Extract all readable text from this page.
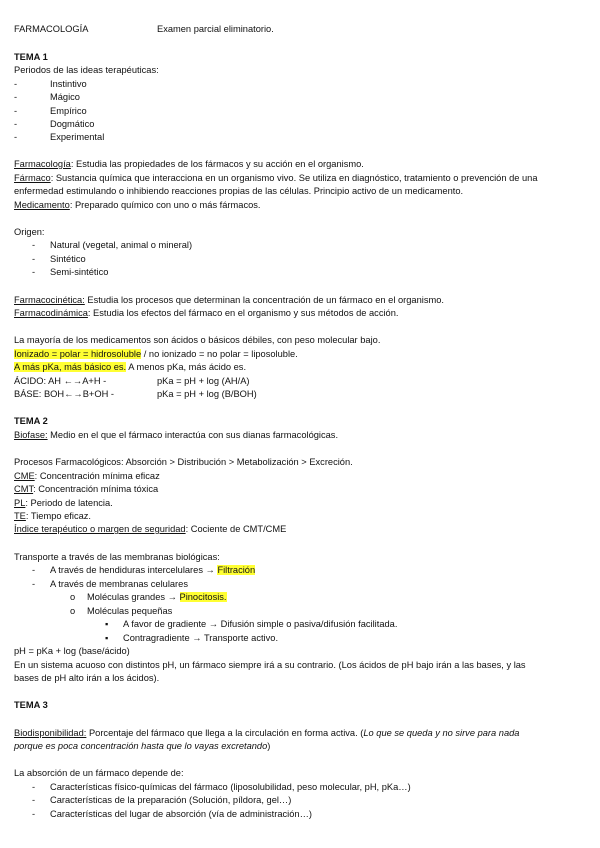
FARMACOLOGÍA	Examen parcial eliminatorio.
TEMA 1
Periodos de las ideas terapéuticas:
-	Instintivo
-	Mágico
-	Empírico
-	Dogmático
-	Experimental
Farmacología: Estudia las propiedades de los fármacos y su acción en el organismo.
Fármaco: Sustancia química que interacciona en un organismo vivo. Se utiliza en diagnóstico, tratamiento o prevención de una
enfermedad estimulando o inhibiendo reacciones propias de las células. Principio activo de un medicamento.
Medicamento: Preparado químico con uno o más fármacos.
Origen:
- Natural (vegetal, animal o mineral)
- Sintético
- Semi-sintético
Farmacocinética: Estudia los procesos que determinan la concentración de un fármaco en el organismo.
Farmacodinámica: Estudia los efectos del fármaco en el organismo y sus métodos de acción.
La mayoría de los medicamentos son ácidos o básicos débiles, con peso molecular bajo.
Ionizado = polar = hidrosoluble / no ionizado = no polar = liposoluble.
A más pKa, más básico es. A menos pKa, más ácido es.
ÁCIDO: AH ←→A+H -	pKa = pH + log (AH/A)
BÁSE: BOH←→B+OH -	pKa = pH + log (B/BOH)
TEMA 2
Biofase: Medio en el que el fármaco interactúa con sus dianas farmacológicas.
Procesos Farmacológicos: Absorción > Distribución > Metabolización > Excreción.
CME: Concentración mínima eficaz
CMT: Concentración mínima tóxica
PL: Periodo de latencia.
TE: Tiempo eficaz.
Índice terapéutico o margen de seguridad: Cociente de CMT/CME
Transporte a través de las membranas biológicas:
- A través de hendiduras intercelulares → Filtración
- A través de membranas celulares
o Moléculas grandes → Pinocitosis.
o Moléculas pequeñas
▪ A favor de gradiente → Difusión simple o pasiva/difusión facilitada.
▪ Contragradiente → Transporte activo.
pH = pKa + log (base/ácido)
En un sistema acuoso con distintos pH, un fármaco siempre irá a su contrario. (Los ácidos de pH bajo irán a las bases, y las
bases de pH alto irán a los ácidos).
TEMA 3
Biodisponibilidad: Porcentaje del fármaco que llega a la circulación en forma activa. (Lo que se queda y no sirve para nada
porque es poca concentración hasta que lo vayas excretando)
La absorción de un fármaco depende de:
- Características físico-químicas del fármaco (liposolubilidad, peso molecular, pH, pKa…)
- Características de la preparación (Solución, píldora, gel…)
- Características del lugar de absorción (vía de administración…)
